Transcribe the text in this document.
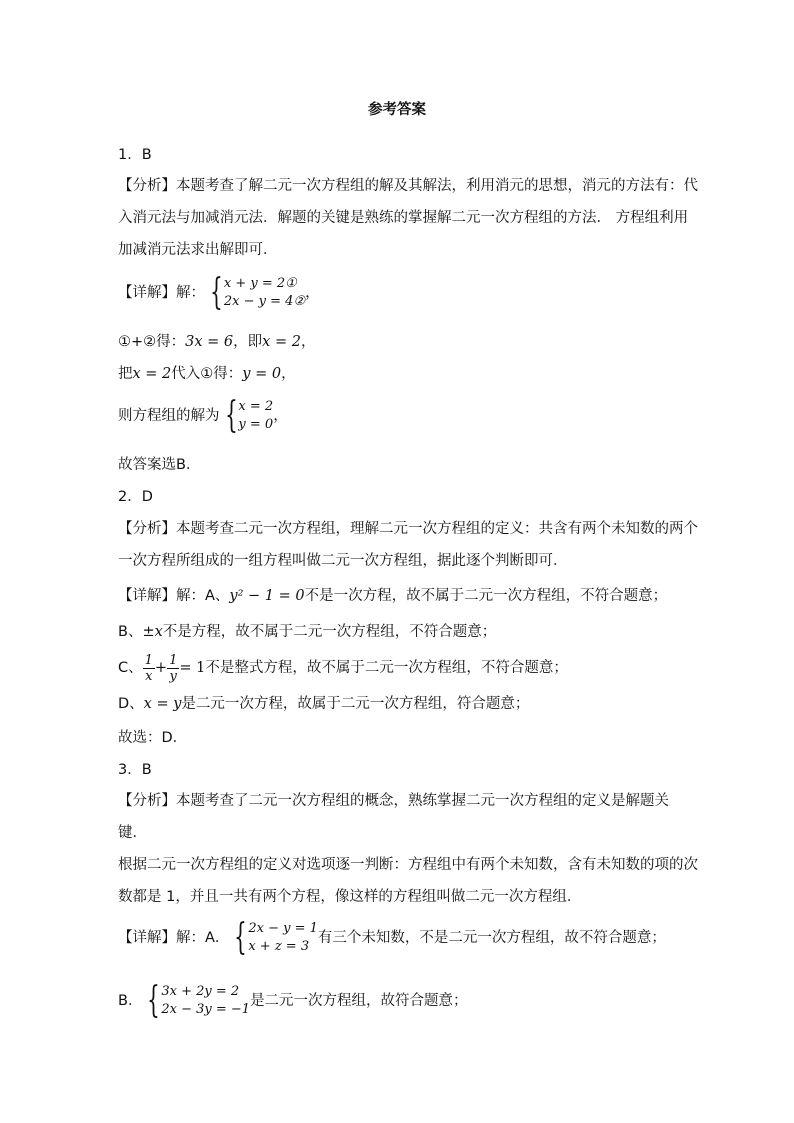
参考答案
1．B
【分析】本题考查了解二元一次方程组的解及其解法，利用消元的思想，消元的方法有：代
入消元法与加减消元法．解题的关键是熟练的掌握解二元一次方程组的方法． 方程组利用
加减消元法求出解即可．
【详解】解： { x + y = 2①
2x − y = 4②
，
①+②得：3x = 6，即x = 2，
把x = 2代入①得：y = 0，
则方程组的解为 { x = 2
y = 0
，
故答案选B．
2．D
【分析】本题考查二元一次方程组，理解二元一次方程组的定义：共含有两个未知数的两个
一次方程所组成的一组方程叫做二元一次方程组，据此逐个判断即可．
【详解】解：A、y² − 1 = 0不是一次方程，故不属于二元一次方程组，不符合题意；
B、±x不是方程，故不属于二元一次方程组，不符合题意；
C、 $\frac{1}{x} + \frac{1}{y} = 1$不是整式方程，故不属于二元一次方程组，不符合题意；
D、x = y是二元一次方程，故属于二元一次方程组，符合题意；
故选：D．
3．B
【分析】本题考查了二元一次方程组的概念，熟练掌握二元一次方程组的定义是解题关
键．
根据二元一次方程组的定义对选项逐一判断：方程组中有两个未知数，含有未知数的项的次
数都是 1，并且一共有两个方程，像这样的方程组叫做二元一次方程组．
【详解】解：A． { 2x − y = 1
x + z = 3
有三个未知数，不是二元一次方程组，故不符合题意；
B． { 3x + 2y = 2
2x − 3y = −1
是二元一次方程组，故符合题意；
